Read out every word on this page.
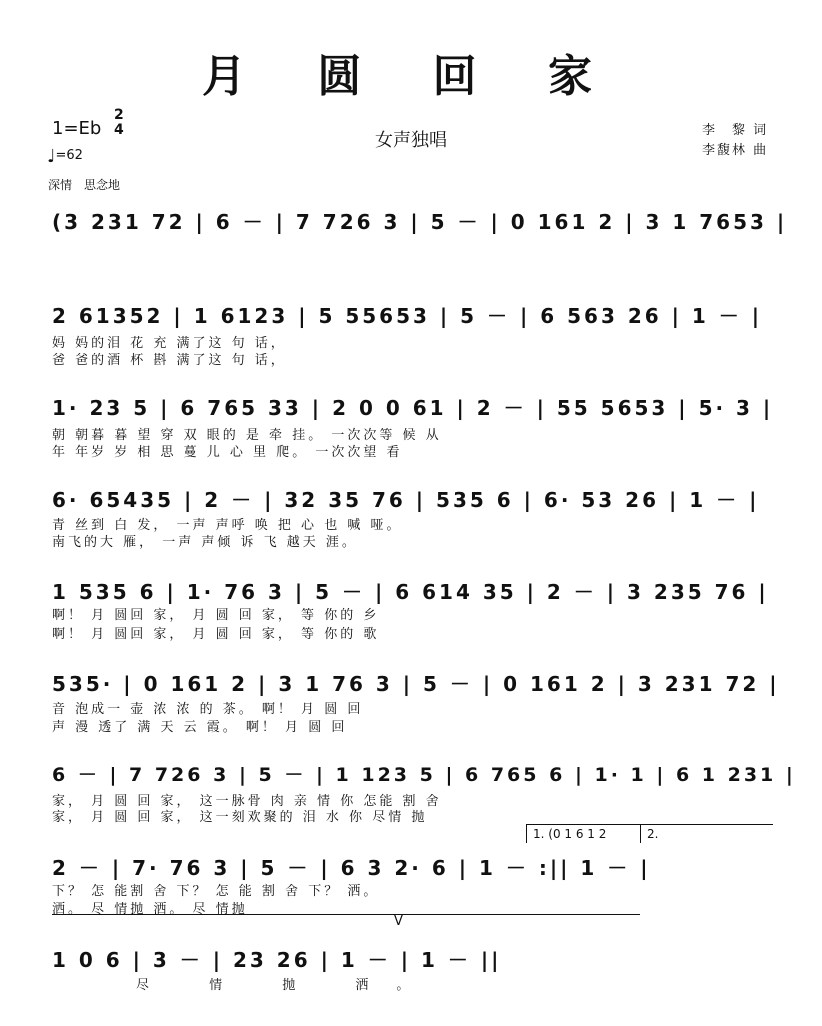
月 圆 回 家
1=Eb
2
4
♩=62
女声独唱	李　黎 词
李馥林 曲
深情　思念地
(3 231 72 | 6 － | 7 726 3 | 5 － | 0 161 2 | 3 1 7653 |
2 61352 | 1 6123 | 5 55653 | 5 － | 6 563 26 | 1 － |
妈 妈的泪 花 充 满了这 句 话，
爸 爸的酒 杯 斟 满了这 句 话，
1· 23 5 | 6 765 33 | 2 0 0 61 | 2 － | 55 5653 | 5· 3 |
朝 朝暮 暮 望 穿 双 眼的 是 牵 挂。 一次次等 候 从
年 年岁 岁 相 思 蔓 儿 心 里 爬。 一次次望 看
6· 65435 | 2 － | 32 35 76 | 535 6 | 6· 53 26 | 1 － |
青 丝到 白 发， 一声 声呼 唤 把 心 也 喊 哑。
南飞的大 雁， 一声 声倾 诉 飞 越天 涯。
1 535 6 | 1· 76 3 | 5 － | 6 614 35 | 2 － | 3 235 76 |
啊！ 月 圆回 家， 月 圆 回 家， 等 你的 乡
啊！ 月 圆回 家， 月 圆 回 家， 等 你的 歌
535· | 0 161 2 | 3 1 76 3 | 5 － | 0 161 2 | 3 231 72 |
音 泡成一 壶 浓 浓 的 茶。 啊！ 月 圆 回
声 漫 透了 满 天 云 霞。 啊！ 月 圆 回
6 － | 7 726 3 | 5 － | 1 123 5 | 6 765 6 | 1· 1 | 6 1 231 |
家， 月 圆 回 家， 这一脉骨 肉 亲 情 你 怎能 割 舍
家， 月 圆 回 家， 这一刻欢聚的 泪 水 你 尽情 抛
1. (0 1 6 1 2	2.
2 － | 7· 76 3 | 5 － | 6 3 2· 6 | 1 － :|| 1 － |
下？ 怎 能割 舍 下？ 怎 能 割 舍 下？ 洒。
洒。 尽 情抛 洒。 尽 情抛
V
1 0 6 | 3 － | 23 26 | 1 － | 1 － ||
尽 情 抛 洒。
